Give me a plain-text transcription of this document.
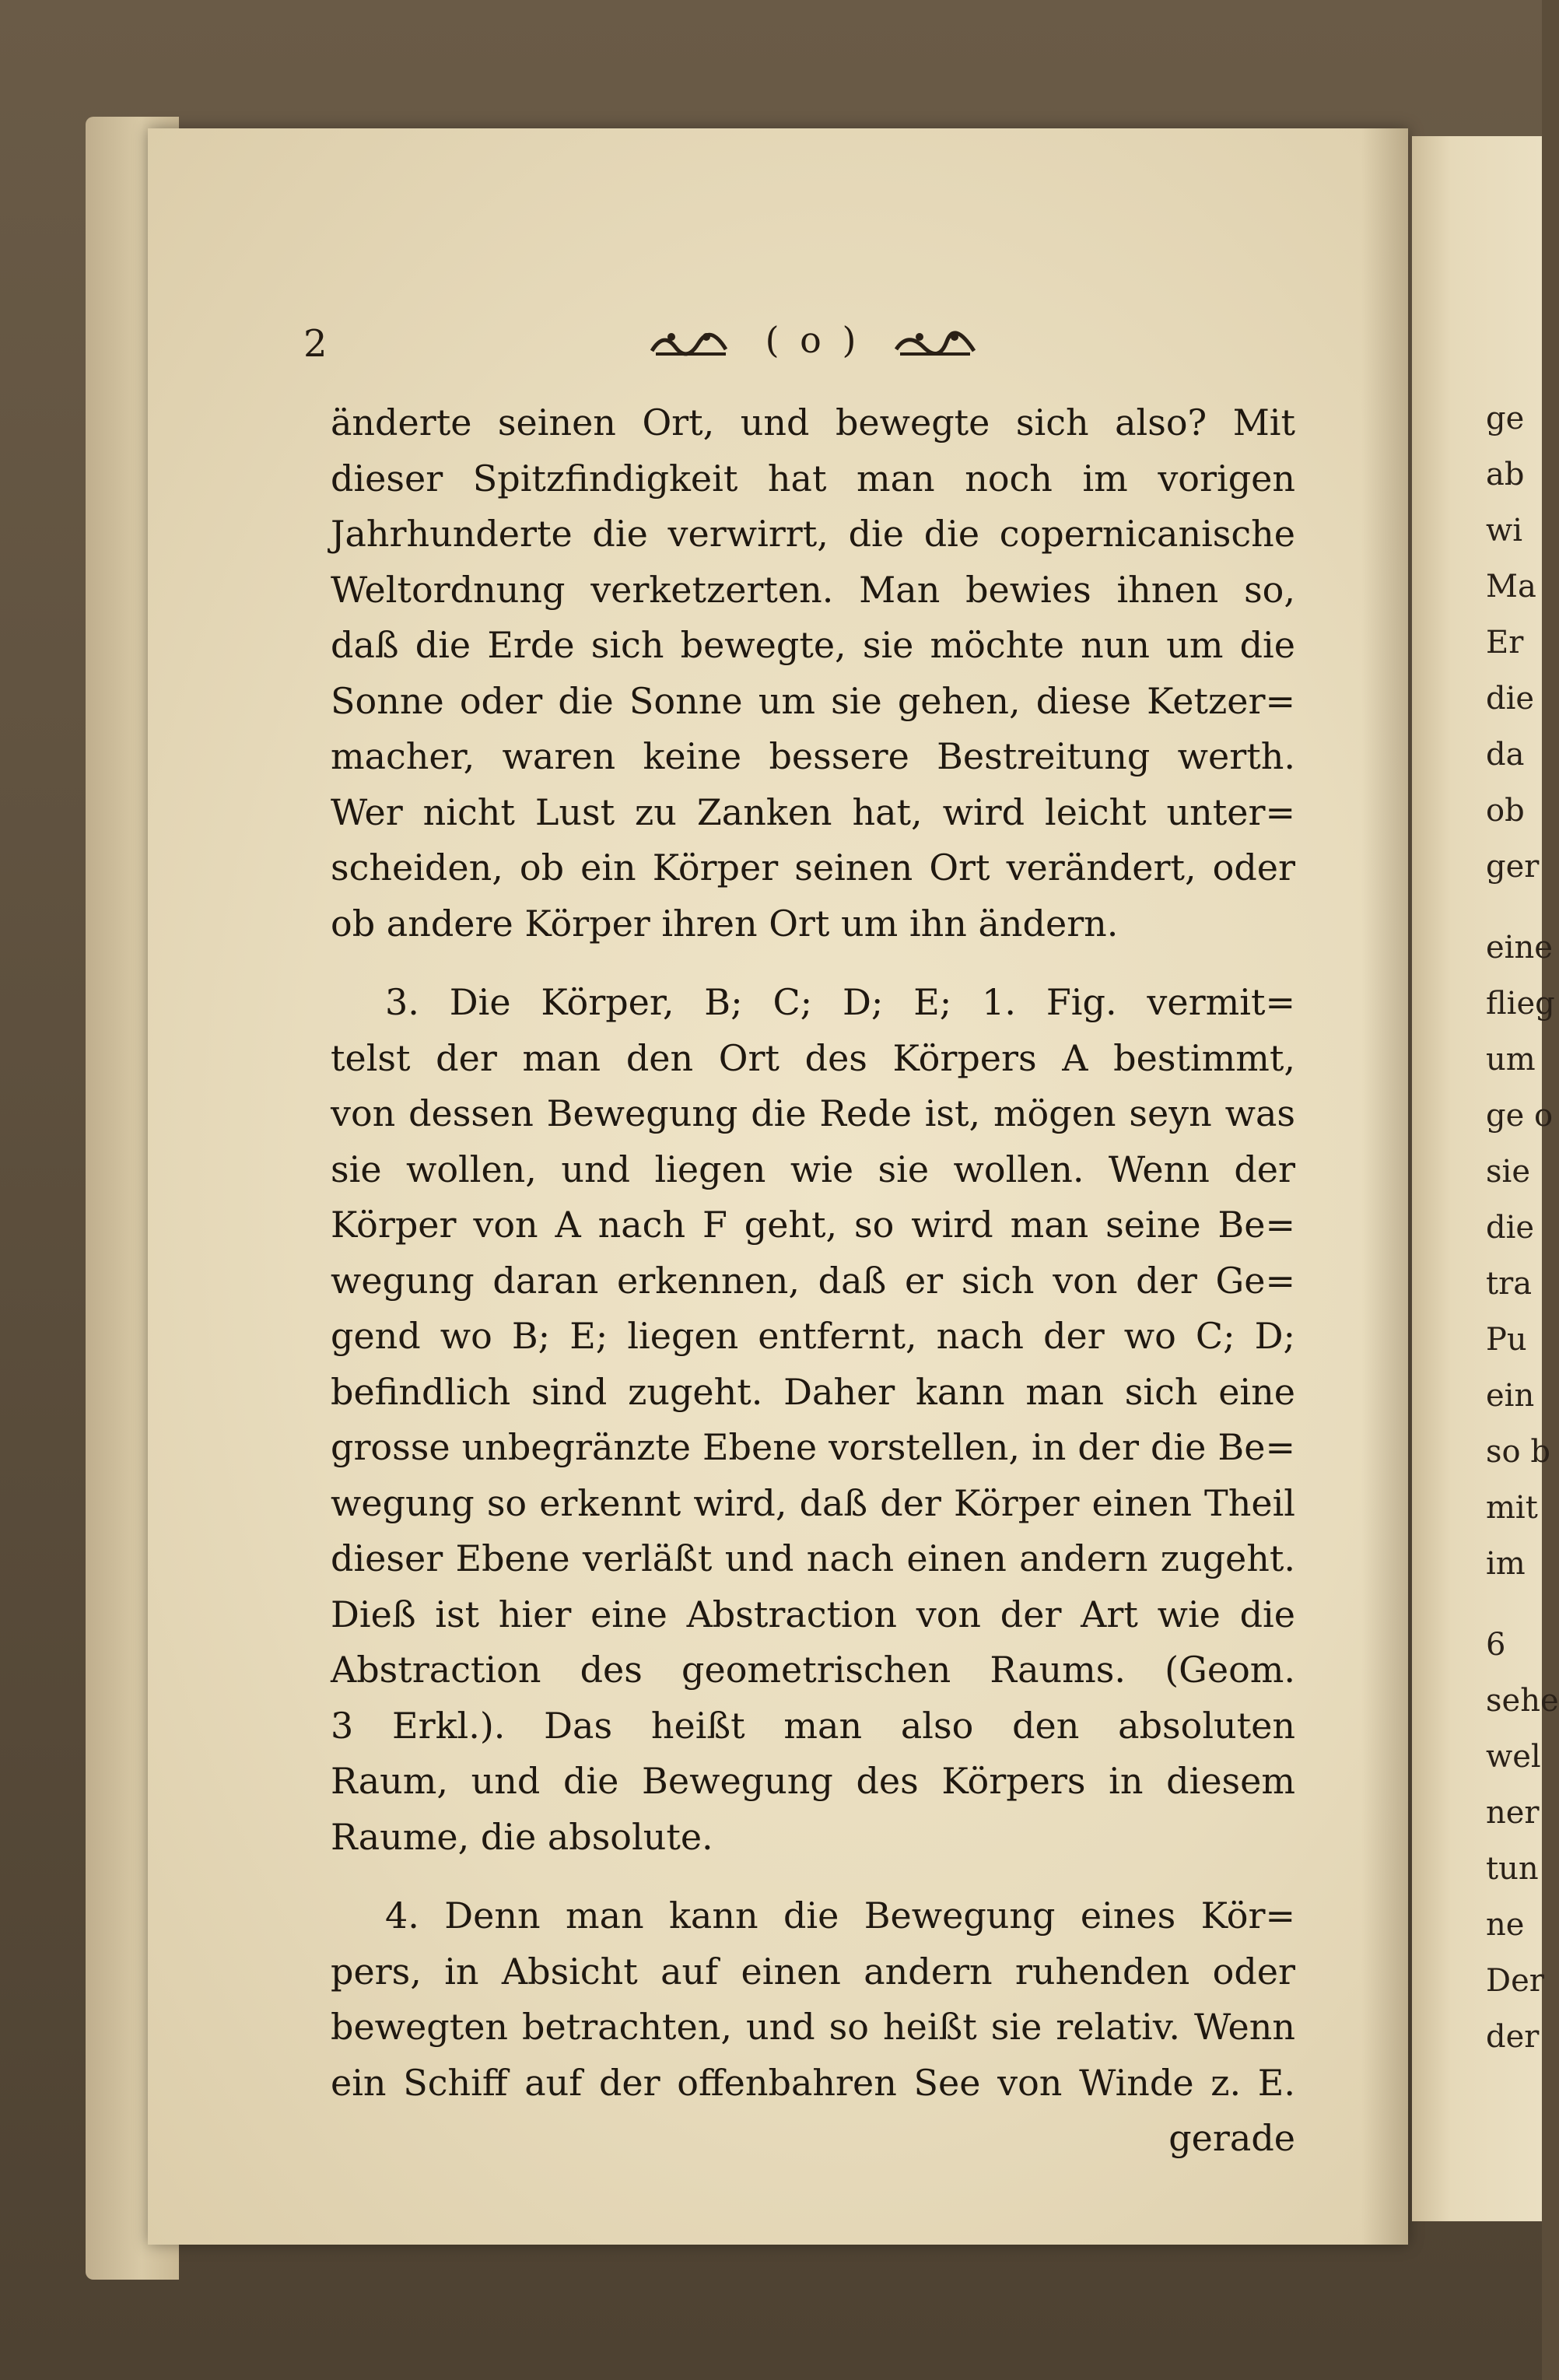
ge
ab
wi
Ma
Er
die
da
ob
ger
eine
flieg
um
ge o
sie
die
tra
Pu
ein
so b
mit
im
6
sehe
wel
ner
tun
ne
Der
der
2	( o )
änderte seinen Ort, und bewegte sich also? Mit
dieser Spitzfindigkeit hat man noch im vorigen
Jahrhunderte die verwirrt, die die copernicanische
Weltordnung verketzerten. Man bewies ihnen so,
daß die Erde sich bewegte, sie möchte nun um die
Sonne oder die Sonne um sie gehen, diese Ketzer=
macher, waren keine bessere Bestreitung werth.
Wer nicht Lust zu Zanken hat, wird leicht unter=
scheiden, ob ein Körper seinen Ort verändert, oder
ob andere Körper ihren Ort um ihn ändern.
3. Die Körper, B; C; D; E; 1. Fig. vermit=
telst der man den Ort des Körpers A bestimmt,
von dessen Bewegung die Rede ist, mögen seyn was
sie wollen, und liegen wie sie wollen. Wenn der
Körper von A nach F geht, so wird man seine Be=
wegung daran erkennen, daß er sich von der Ge=
gend wo B; E; liegen entfernt, nach der wo C; D;
befindlich sind zugeht. Daher kann man sich eine
grosse unbegränzte Ebene vorstellen, in der die Be=
wegung so erkennt wird, daß der Körper einen Theil
dieser Ebene verläßt und nach einen andern zugeht.
Dieß ist hier eine Abstraction von der Art wie die
Abstraction des geometrischen Raums. (Geom.
3 Erkl.). Das heißt man also den absoluten
Raum, und die Bewegung des Körpers in diesem
Raume, die absolute.
4. Denn man kann die Bewegung eines Kör=
pers, in Absicht auf einen andern ruhenden oder
bewegten betrachten, und so heißt sie relativ. Wenn
ein Schiff auf der offenbahren See von Winde z. E.
gerade
